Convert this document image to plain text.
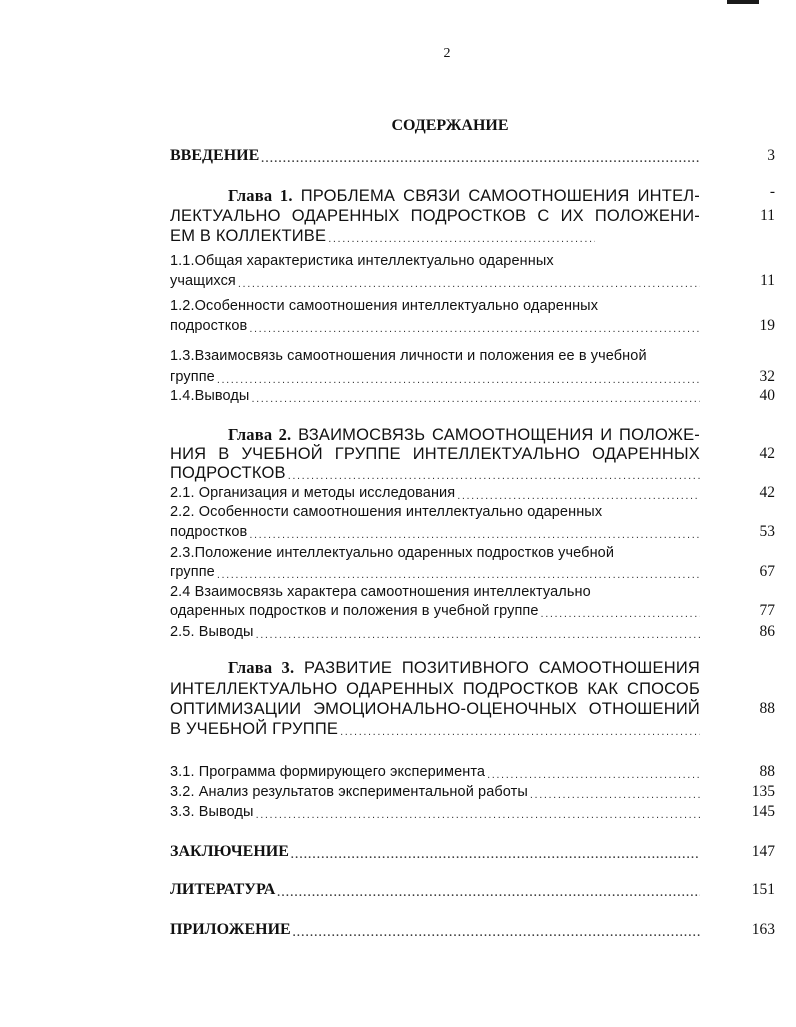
2
СОДЕРЖАНИЕ
ВВЕДЕНИЕ .....	3
Глава 1. ПРОБЛЕМА СВЯЗИ САМООТНОШЕНИЯ ИНТЕЛ-	-
ЛЕКТУАЛЬНО ОДАРЕННЫХ ПОДРОСТКОВ С ИХ ПОЛОЖЕНИ-	11
ЕМ В КОЛЛЕКТИВЕ
.....
1.1.Общая характеристика интеллектуально одаренных
учащихся .....	11
1.2.Особенности самоотношения интеллектуально одаренных
подростков .....	19
1.3.Взаимосвязь самоотношения личности и положения ее в учебной
группе .....	32
1.4.Выводы .....	40
Глава 2. ВЗАИМОСВЯЗЬ САМООТНОЩЕНИЯ И ПОЛОЖЕ-
НИЯ В УЧЕБНОЙ ГРУППЕ ИНТЕЛЛЕКТУАЛЬНО ОДАРЕННЫХ	42
ПОДРОСТКОВ
.....
2.1. Организация и методы исследования .....	42
2.2. Особенности самоотношения интеллектуально одаренных
подростков .....	53
2.3.Положение интеллектуально одаренных подростков учебной
группе .....	67
2.4 Взаимосвязь характера самоотношения интеллектуально
одаренных подростков и положения в учебной группе .....	77
2.5. Выводы .....	86
Глава 3. РАЗВИТИЕ ПОЗИТИВНОГО САМООТНОШЕНИЯ
ИНТЕЛЛЕКТУАЛЬНО ОДАРЕННЫХ ПОДРОСТКОВ КАК СПОСОБ
ОПТИМИЗАЦИИ ЭМОЦИОНАЛЬНО-ОЦЕНОЧНЫХ ОТНОШЕНИЙ	88
В УЧЕБНОЙ ГРУППЕ
.....
3.1. Программа формирующего эксперимента .....	88
3.2. Анализ результатов экспериментальной работы .....	135
3.3. Выводы .....	145
ЗАКЛЮЧЕНИЕ .....	147
ЛИТЕРАТУРА .....	151
ПРИЛОЖЕНИЕ .....	163
